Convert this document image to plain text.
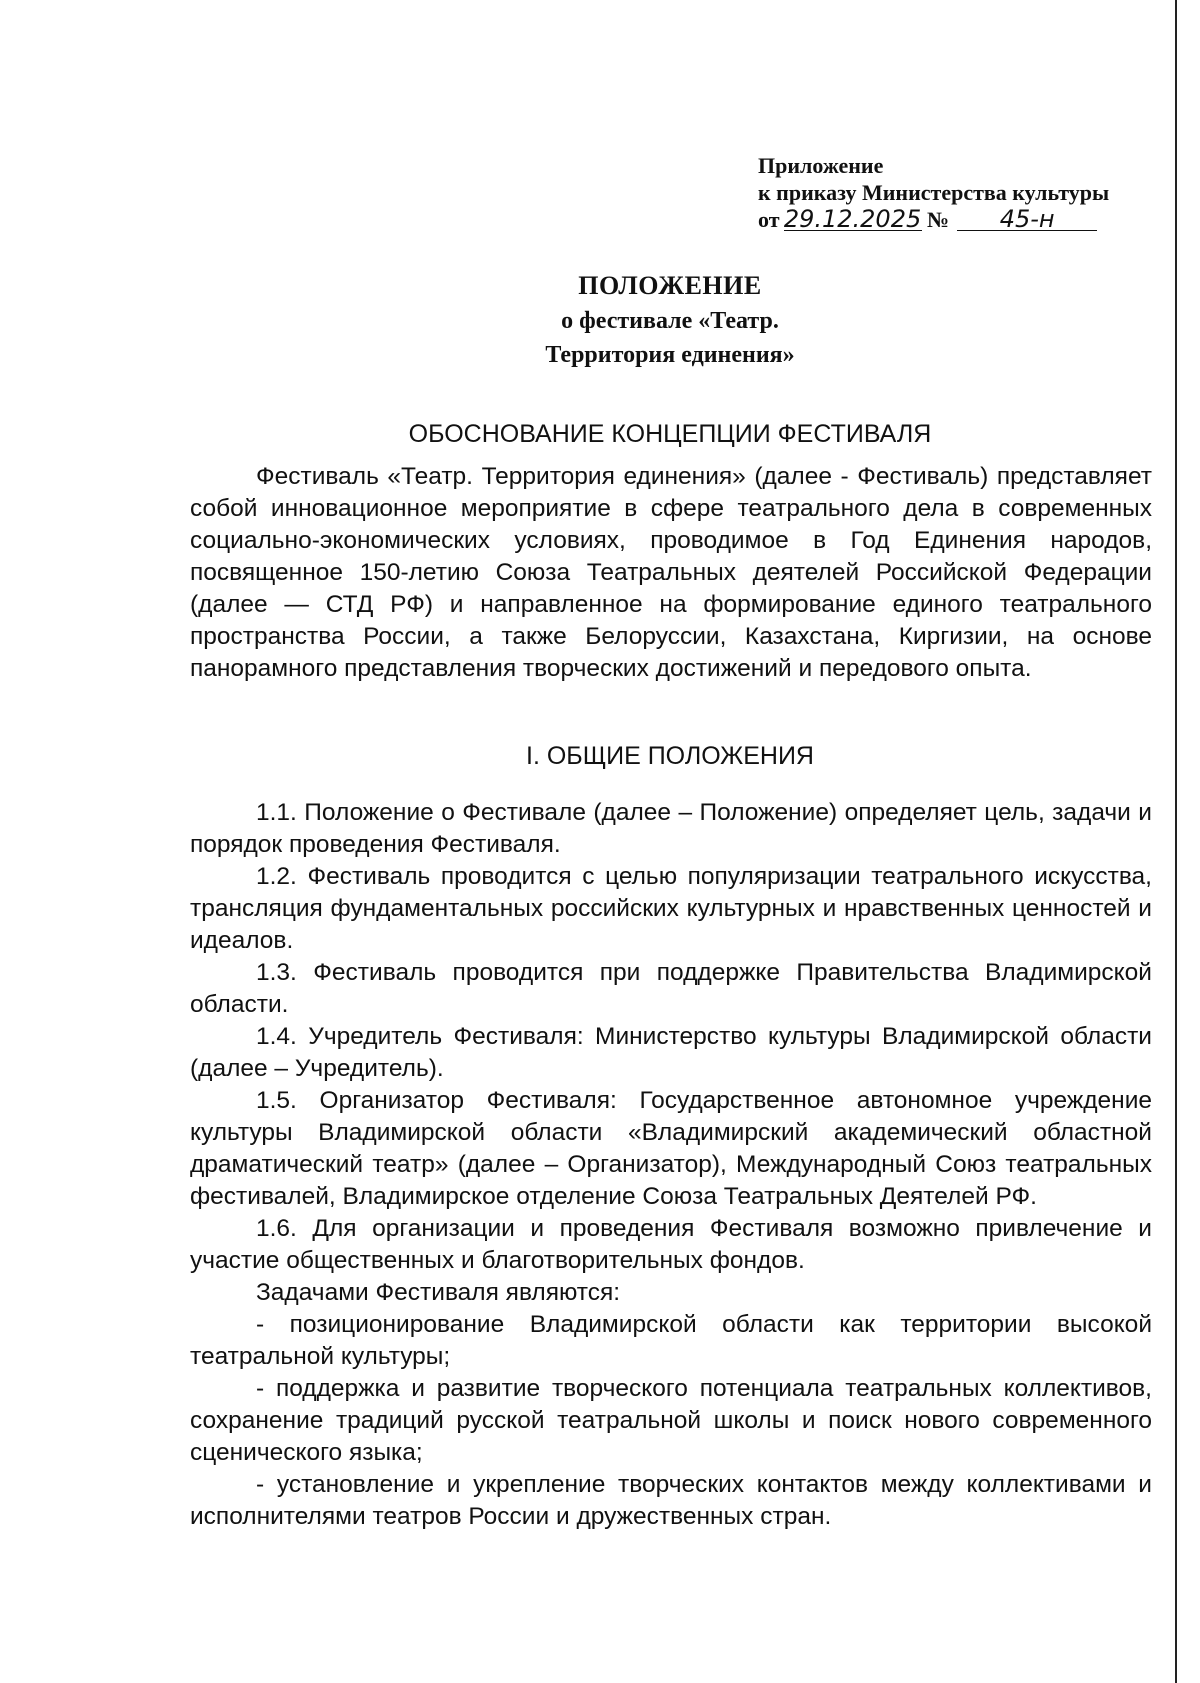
Приложение
к приказу Министерства культуры
от 29.12.2025 № 45-н
ПОЛОЖЕНИЕ
о фестивале «Театр.
Территория единения»
ОБОСНОВАНИЕ КОНЦЕПЦИИ ФЕСТИВАЛЯ

Фестиваль «Театр. Территория единения» (далее - Фестиваль) представляет собой инновационное мероприятие в сфере театрального дела в современных социально-экономических условиях, проводимое в Год Единения народов, посвященное 150-летию Союза Театральных деятелей Российской Федерации (далее — СТД РФ) и направленное на формирование единого театрального пространства России, а также Белоруссии, Казахстана, Киргизии, на основе панорамного представления творческих достижений и передового опыта.

I. ОБЩИЕ ПОЛОЖЕНИЯ

1.1. Положение о Фестивале (далее – Положение) определяет цель, задачи и порядок проведения Фестиваля.

1.2. Фестиваль проводится с целью популяризации театрального искусства, трансляция фундаментальных российских культурных и нравственных ценностей и идеалов.

1.3. Фестиваль проводится при поддержке Правительства Владимирской области.

1.4. Учредитель Фестиваля: Министерство культуры Владимирской области (далее – Учредитель).

1.5. Организатор Фестиваля: Государственное автономное учреждение культуры Владимирской области «Владимирский академический областной драматический театр» (далее – Организатор), Международный Союз театральных фестивалей, Владимирское отделение Союза Театральных Деятелей РФ.

1.6. Для организации и проведения Фестиваля возможно привлечение и участие общественных и благотворительных фондов.

Задачами Фестиваля являются:

- позиционирование Владимирской области как территории высокой театральной культуры;

- поддержка и развитие творческого потенциала театральных коллективов, сохранение традиций русской театральной школы и поиск нового современного сценического языка;

- установление и укрепление творческих контактов между коллективами и исполнителями театров России и дружественных стран.
